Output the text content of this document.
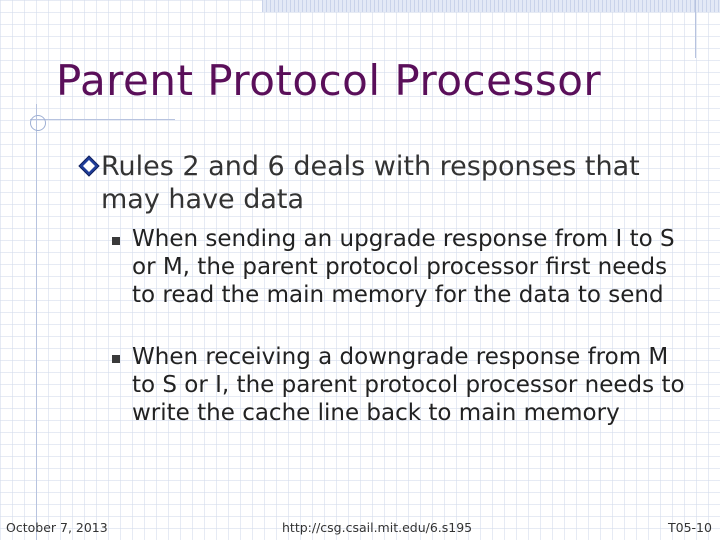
Parent Protocol Processor
Rules 2 and 6 deals with responses that may have data
When sending an upgrade response from I to S or M, the parent protocol processor first needs to read the main memory for the data to send
When receiving a downgrade response from M to S or I, the parent protocol processor needs to write the cache line back to main memory
October 7, 2013	http://csg.csail.mit.edu/6.s195	T05-10
